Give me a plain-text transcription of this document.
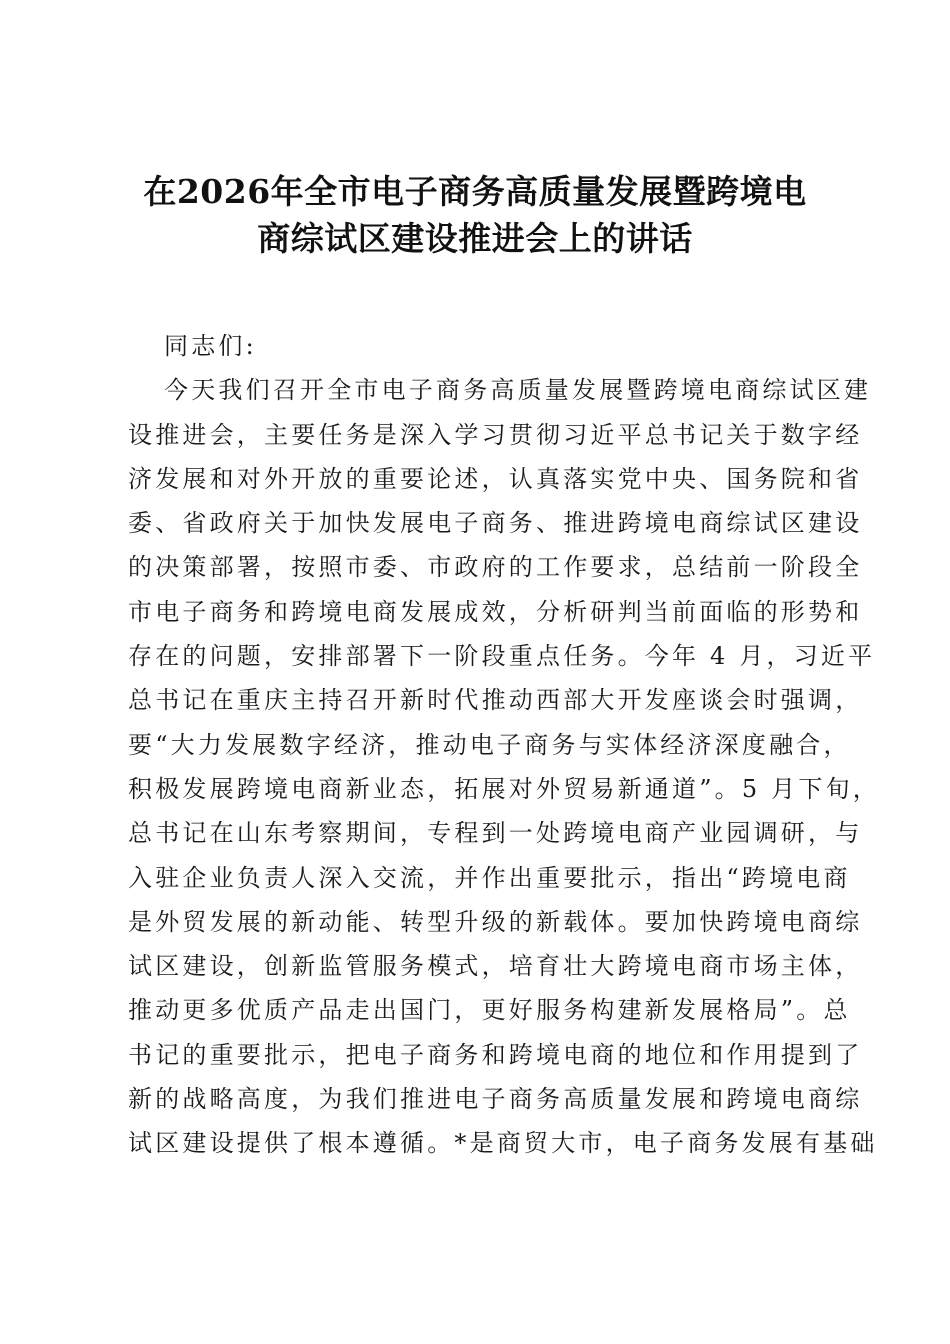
在2026年全市电子商务高质量发展暨跨境电
商综试区建设推进会上的讲话
同志们:
今天我们召开全市电子商务高质量发展暨跨境电商综试区建
设推进会，主要任务是深入学习贯彻习近平总书记关于数字经
济发展和对外开放的重要论述，认真落实党中央、国务院和省
委、省政府关于加快发展电子商务、推进跨境电商综试区建设
的决策部署，按照市委、市政府的工作要求，总结前一阶段全
市电子商务和跨境电商发展成效，分析研判当前面临的形势和
存在的问题，安排部署下一阶段重点任务。今年 4 月，习近平
总书记在重庆主持召开新时代推动西部大开发座谈会时强调，
要“大力发展数字经济，推动电子商务与实体经济深度融合，
积极发展跨境电商新业态，拓展对外贸易新通道”。5 月下旬，
总书记在山东考察期间，专程到一处跨境电商产业园调研，与
入驻企业负责人深入交流，并作出重要批示，指出“跨境电商
是外贸发展的新动能、转型升级的新载体。要加快跨境电商综
试区建设，创新监管服务模式，培育壮大跨境电商市场主体，
推动更多优质产品走出国门，更好服务构建新发展格局”。总
书记的重要批示，把电子商务和跨境电商的地位和作用提到了
新的战略高度，为我们推进电子商务高质量发展和跨境电商综
试区建设提供了根本遵循。*是商贸大市，电子商务发展有基础
